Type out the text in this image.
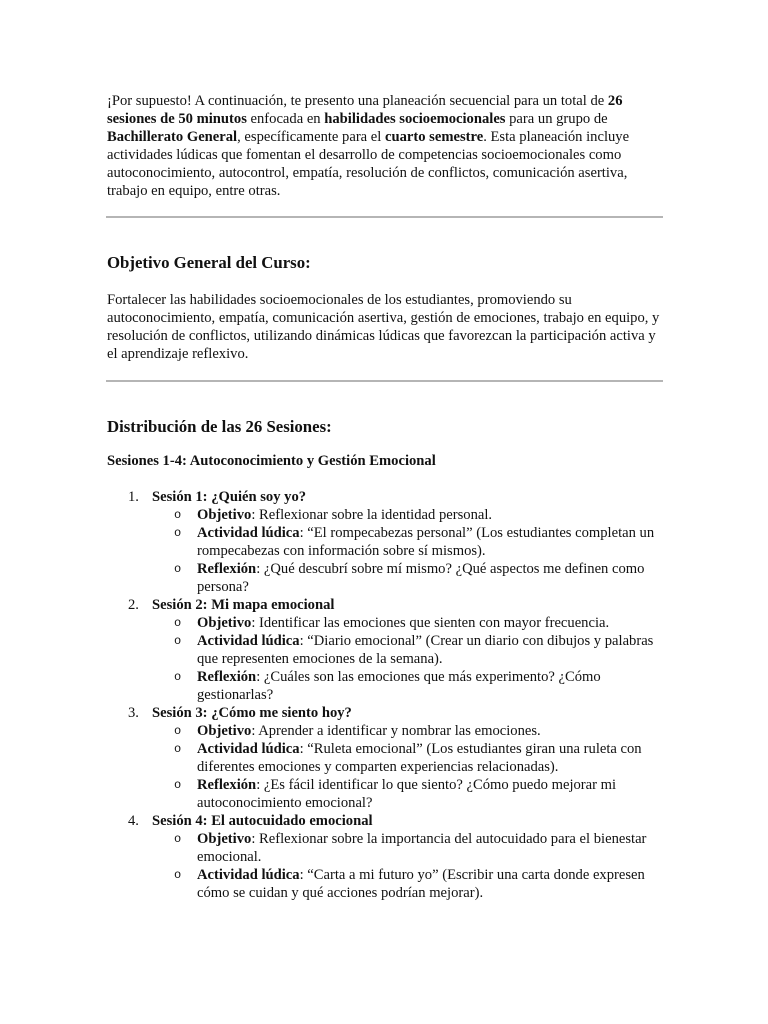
¡Por supuesto! A continuación, te presento una planeación secuencial para un total de 26 sesiones de 50 minutos enfocada en habilidades socioemocionales para un grupo de Bachillerato General, específicamente para el cuarto semestre. Esta planeación incluye actividades lúdicas que fomentan el desarrollo de competencias socioemocionales como autoconocimiento, autocontrol, empatía, resolución de conflictos, comunicación asertiva, trabajo en equipo, entre otras.

Objetivo General del Curso:

Fortalecer las habilidades socioemocionales de los estudiantes, promoviendo su autoconocimiento, empatía, comunicación asertiva, gestión de emociones, trabajo en equipo, y resolución de conflictos, utilizando dinámicas lúdicas que favorezcan la participación activa y el aprendizaje reflexivo.

Distribución de las 26 Sesiones:
Sesiones 1-4: Autoconocimiento y Gestión Emocional
1. Sesión 1: ¿Quién soy yo?
o Objetivo: Reflexionar sobre la identidad personal.
o Actividad lúdica: “El rompecabezas personal” (Los estudiantes completan un rompecabezas con información sobre sí mismos).
o Reflexión: ¿Qué descubrí sobre mí mismo? ¿Qué aspectos me definen como persona?
2. Sesión 2: Mi mapa emocional
o Objetivo: Identificar las emociones que sienten con mayor frecuencia.
o Actividad lúdica: “Diario emocional” (Crear un diario con dibujos y palabras que representen emociones de la semana).
o Reflexión: ¿Cuáles son las emociones que más experimento? ¿Cómo gestionarlas?
3. Sesión 3: ¿Cómo me siento hoy?
o Objetivo: Aprender a identificar y nombrar las emociones.
o Actividad lúdica: “Ruleta emocional” (Los estudiantes giran una ruleta con diferentes emociones y comparten experiencias relacionadas).
o Reflexión: ¿Es fácil identificar lo que siento? ¿Cómo puedo mejorar mi autoconocimiento emocional?
4. Sesión 4: El autocuidado emocional
o Objetivo: Reflexionar sobre la importancia del autocuidado para el bienestar emocional.
o Actividad lúdica: “Carta a mi futuro yo” (Escribir una carta donde expresen cómo se cuidan y qué acciones podrían mejorar).
